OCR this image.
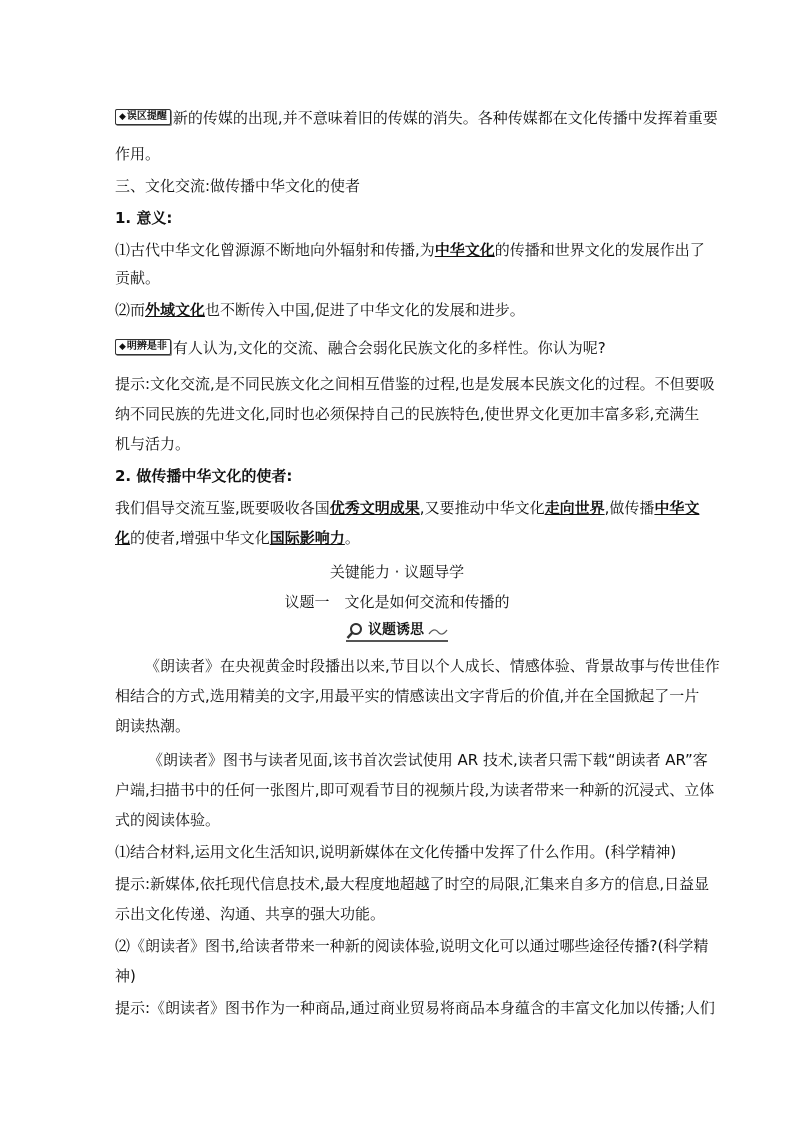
◆误区提醒 新的传媒的出现,并不意味着旧的传媒的消失。各种传媒都在文化传播中发挥着重要
作用。
三、文化交流:做传播中华文化的使者
1. 意义:
⑴古代中华文化曾源源不断地向外辐射和传播,为中华文化的传播和世界文化的发展作出了
贡献。
⑵而外域文化也不断传入中国,促进了中华文化的发展和进步。
◆明辨是非 有人认为,文化的交流、融合会弱化民族文化的多样性。你认为呢?
提示:文化交流,是不同民族文化之间相互借鉴的过程,也是发展本民族文化的过程。不但要吸
纳不同民族的先进文化,同时也必须保持自己的民族特色,使世界文化更加丰富多彩,充满生
机与活力。
2. 做传播中华文化的使者:
我们倡导交流互鉴,既要吸收各国优秀文明成果,又要推动中华文化走向世界,做传播中华文
化的使者,增强中华文化国际影响力。
关键能力 · 议题导学
议题一　文化是如何交流和传播的
议题诱思
《朗读者》在央视黄金时段播出以来,节目以个人成长、情感体验、背景故事与传世佳作
相结合的方式,选用精美的文字,用最平实的情感读出文字背后的价值,并在全国掀起了一片
朗读热潮。
《朗读者》图书与读者见面,该书首次尝试使用 AR 技术,读者只需下载“朗读者 AR”客
户端,扫描书中的任何一张图片,即可观看节目的视频片段,为读者带来一种新的沉浸式、立体
式的阅读体验。
⑴结合材料,运用文化生活知识,说明新媒体在文化传播中发挥了什么作用。(科学精神)
提示:新媒体,依托现代信息技术,最大程度地超越了时空的局限,汇集来自多方的信息,日益显
示出文化传递、沟通、共享的强大功能。
⑵《朗读者》图书,给读者带来一种新的阅读体验,说明文化可以通过哪些途径传播?(科学精
神)
提示:《朗读者》图书作为一种商品,通过商业贸易将商品本身蕴含的丰富文化加以传播;人们
